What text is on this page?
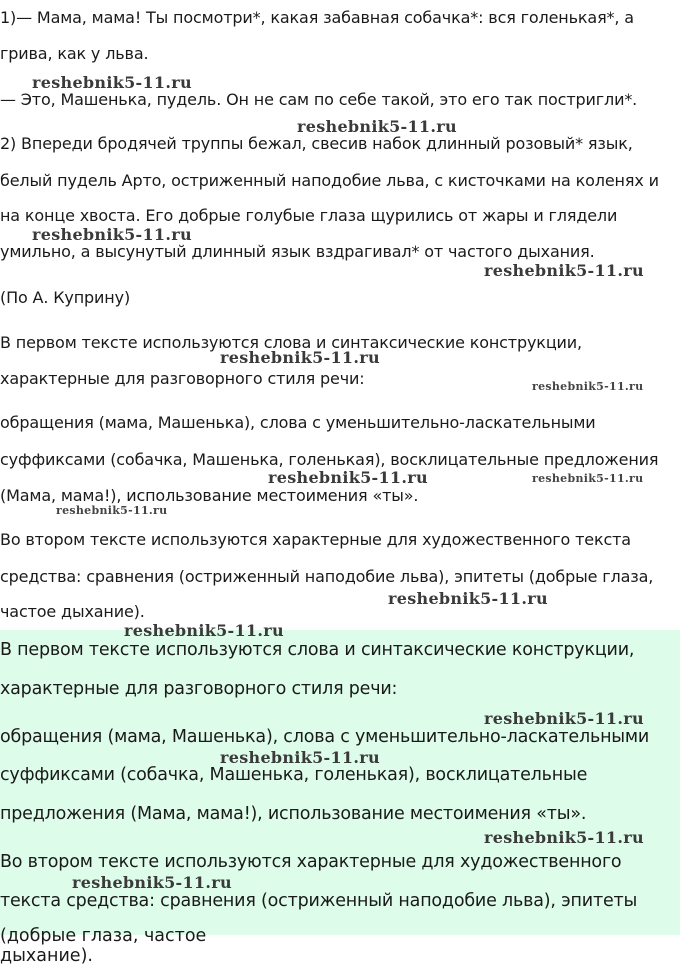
1)— Мама, мама! Ты посмотри*, какая забавная собачка*: вся голенькая*, а
грива, как у льва.
— Это, Машенька, пудель. Он не сам по себе такой, это его так постригли*.
2) Впереди бродячей труппы бежал, свесив набок длинный розовый* язык,
белый пудель Арто, остриженный наподобие льва, с кисточками на коленях и
на конце хвоста. Его добрые голубые глаза щурились от жары и глядели
умильно, а высунутый длинный язык вздрагивал* от частого дыхания.
(По А. Куприну)
В первом тексте используются слова и синтаксические конструкции,
характерные для разговорного стиля речи:
обращения (мама, Машенька), слова с уменьшительно-ласкательными
суффиксами (собачка, Машенька, голенькая), восклицательные предложения
(Мама, мама!), использование местоимения «ты».
Во втором тексте используются характерные для художественного текста
средства: сравнения (остриженный наподобие льва), эпитеты (добрые глаза,
частое дыхание).
В первом тексте используются слова и синтаксические конструкции,
характерные для разговорного стиля речи:
обращения (мама, Машенька), слова с уменьшительно-ласкательными
суффиксами (собачка, Машенька, голенькая), восклицательные
предложения (Мама, мама!), использование местоимения «ты».
Во втором тексте используются характерные для художественного
текста средства: сравнения (остриженный наподобие льва), эпитеты
(добрые глаза, частое дыхание).
reshebnik5-11.ru
reshebnik5-11.ru
reshebnik5-11.ru
reshebnik5-11.ru
reshebnik5-11.ru
reshebnik5-11.ru
reshebnik5-11.ru	reshebnik5-11.ru
reshebnik5-11.ru
reshebnik5-11.ru
reshebnik5-11.ru
reshebnik5-11.ru
reshebnik5-11.ru
reshebnik5-11.ru
reshebnik5-11.ru
